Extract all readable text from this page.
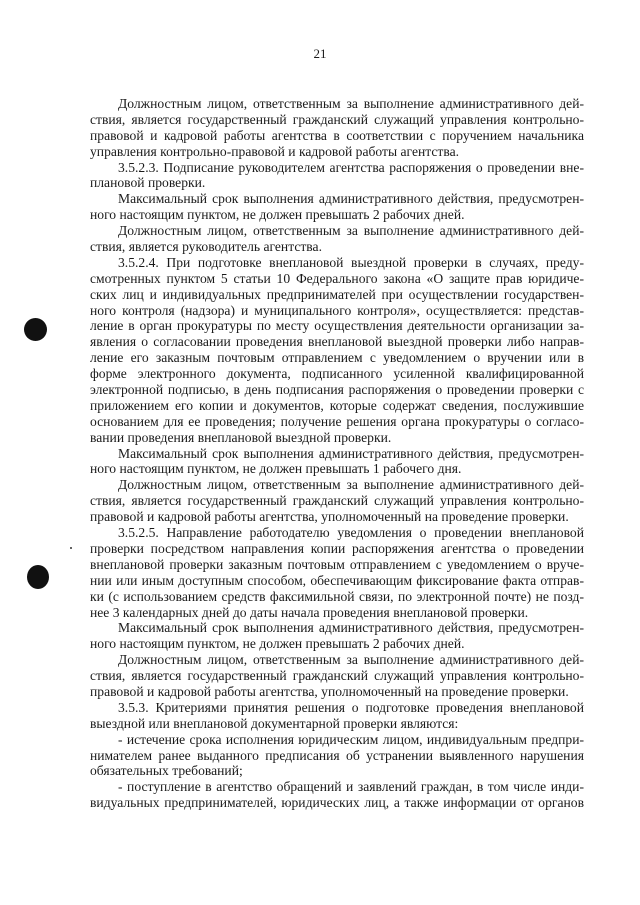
21
Должностным лицом, ответственным за выполнение административного дей-
ствия, является государственный гражданский служащий управления контрольно-
правовой и кадровой работы агентства в соответствии с поручением начальника
управления контрольно-правовой и кадровой работы агентства.
3.5.2.3. Подписание руководителем агентства распоряжения о проведении вне-
плановой проверки.
Максимальный срок выполнения административного действия, предусмотрен-
ного настоящим пунктом, не должен превышать 2 рабочих дней.
Должностным лицом, ответственным за выполнение административного дей-
ствия, является руководитель агентства.
3.5.2.4. При подготовке внеплановой выездной проверки в случаях, преду-
смотренных пунктом 5 статьи 10 Федерального закона «О защите прав юридиче-
ских лиц и индивидуальных предпринимателей при осуществлении государствен-
ного контроля (надзора) и муниципального контроля», осуществляется: представ-
ление в орган прокуратуры по месту осуществления деятельности организации за-
явления о согласовании проведения внеплановой выездной проверки либо направ-
ление его заказным почтовым отправлением с уведомлением о вручении или в
форме электронного документа, подписанного усиленной квалифицированной
электронной подписью, в день подписания распоряжения о проведении проверки с
приложением его копии и документов, которые содержат сведения, послужившие
основанием для ее проведения; получение решения органа прокуратуры о согласо-
вании проведения внеплановой выездной проверки.
Максимальный срок выполнения административного действия, предусмотрен-
ного настоящим пунктом, не должен превышать 1 рабочего дня.
Должностным лицом, ответственным за выполнение административного дей-
ствия, является государственный гражданский служащий управления контрольно-
правовой и кадровой работы агентства, уполномоченный на проведение проверки.
3.5.2.5. Направление работодателю уведомления о проведении внеплановой
проверки посредством направления копии распоряжения агентства о проведении
внеплановой проверки заказным почтовым отправлением с уведомлением о вруче-
нии или иным доступным способом, обеспечивающим фиксирование факта отправ-
ки (с использованием средств факсимильной связи, по электронной почте) не позд-
нее 3 календарных дней до даты начала проведения внеплановой проверки.
Максимальный срок выполнения административного действия, предусмотрен-
ного настоящим пунктом, не должен превышать 2 рабочих дней.
Должностным лицом, ответственным за выполнение административного дей-
ствия, является государственный гражданский служащий управления контрольно-
правовой и кадровой работы агентства, уполномоченный на проведение проверки.
3.5.3. Критериями принятия решения о подготовке проведения внеплановой
выездной или внеплановой документарной проверки являются:
- истечение срока исполнения юридическим лицом, индивидуальным предпри-
нимателем ранее выданного предписания об устранении выявленного нарушения
обязательных требований;
- поступление в агентство обращений и заявлений граждан, в том числе инди-
видуальных предпринимателей, юридических лиц, а также информации от органов
